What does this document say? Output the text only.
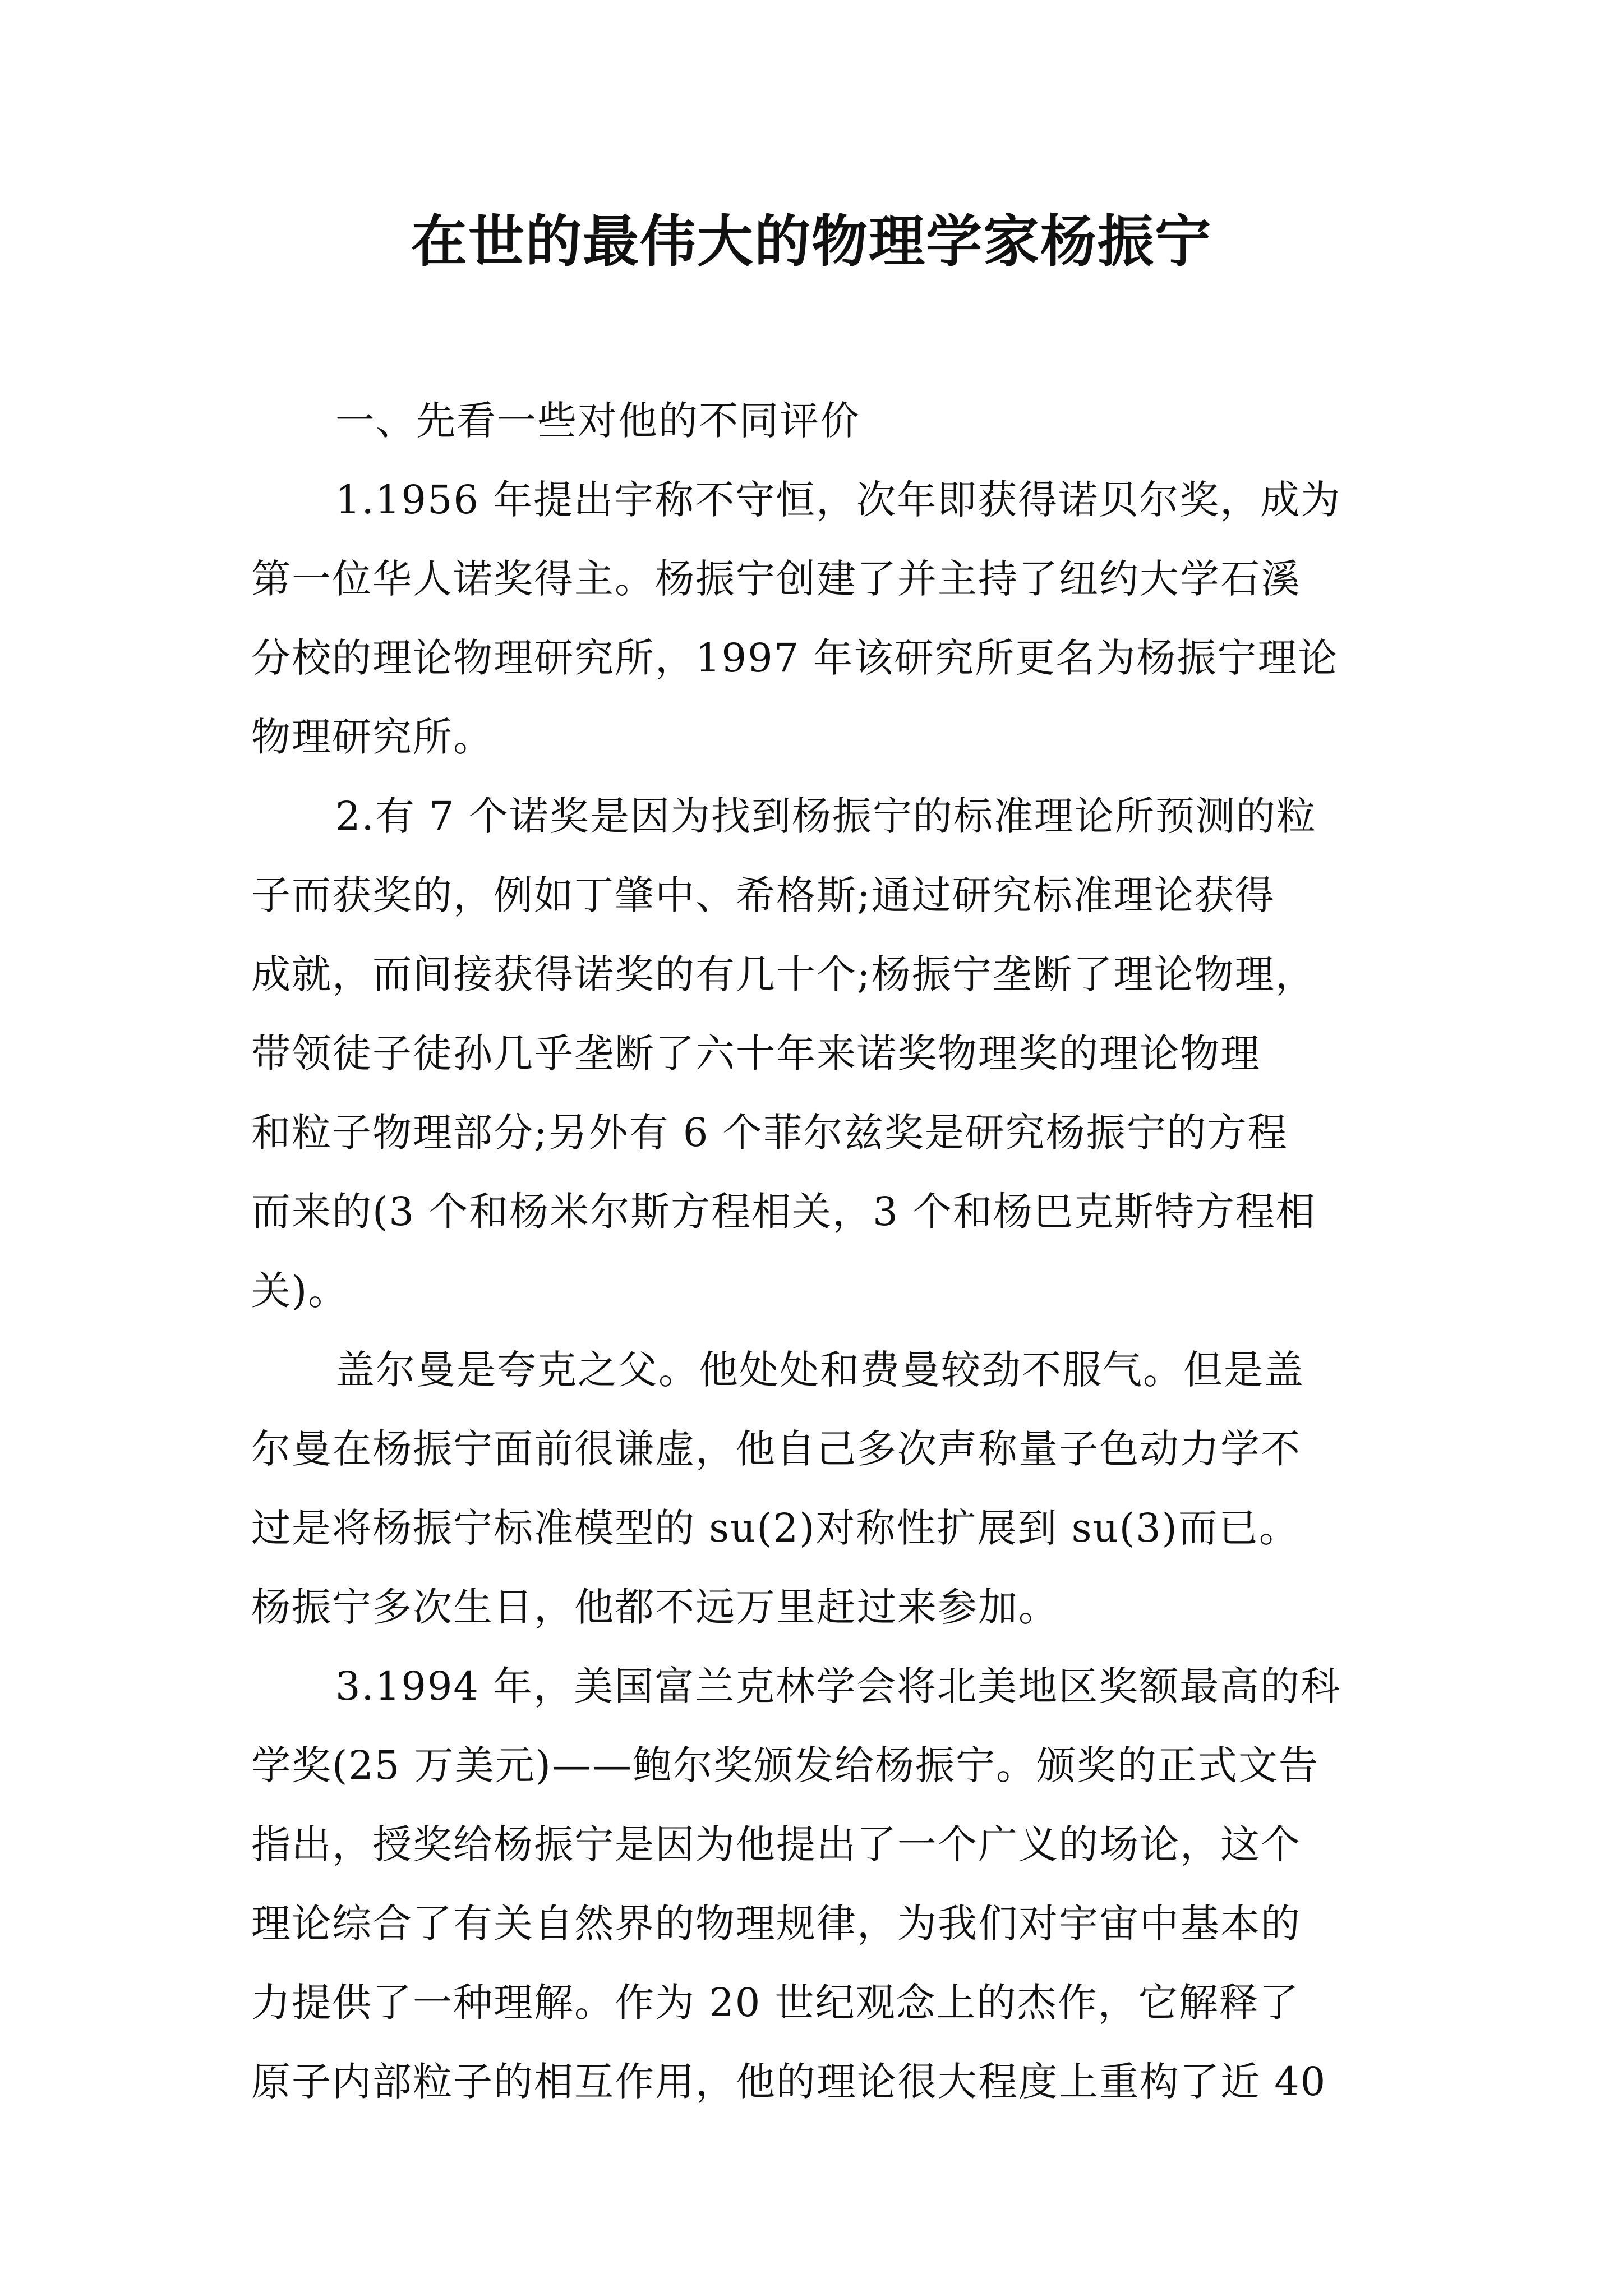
在世的最伟大的物理学家杨振宁
一、先看一些对他的不同评价
1.1956 年提出宇称不守恒，次年即获得诺贝尔奖，成为
第一位华人诺奖得主。杨振宁创建了并主持了纽约大学石溪
分校的理论物理研究所，1997 年该研究所更名为杨振宁理论
物理研究所。
2.有 7 个诺奖是因为找到杨振宁的标准理论所预测的粒
子而获奖的，例如丁肇中、希格斯;通过研究标准理论获得
成就，而间接获得诺奖的有几十个;杨振宁垄断了理论物理，
带领徒子徒孙几乎垄断了六十年来诺奖物理奖的理论物理
和粒子物理部分;另外有 6 个菲尔兹奖是研究杨振宁的方程
而来的(3 个和杨米尔斯方程相关，3 个和杨巴克斯特方程相
关)。
盖尔曼是夸克之父。他处处和费曼较劲不服气。但是盖
尔曼在杨振宁面前很谦虚，他自己多次声称量子色动力学不
过是将杨振宁标准模型的 su(2)对称性扩展到 su(3)而已。
杨振宁多次生日，他都不远万里赶过来参加。
3.1994 年，美国富兰克林学会将北美地区奖额最高的科
学奖(25 万美元)——鲍尔奖颁发给杨振宁。颁奖的正式文告
指出，授奖给杨振宁是因为他提出了一个广义的场论，这个
理论综合了有关自然界的物理规律，为我们对宇宙中基本的
力提供了一种理解。作为 20 世纪观念上的杰作，它解释了
原子内部粒子的相互作用，他的理论很大程度上重构了近 40
